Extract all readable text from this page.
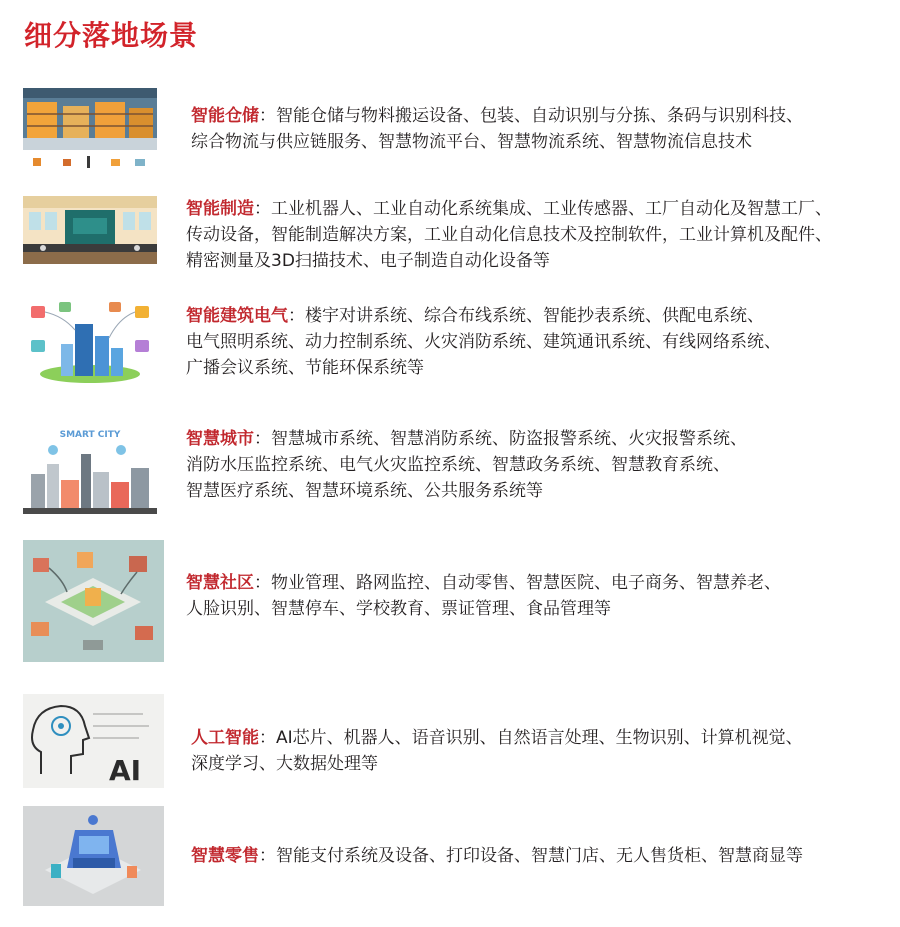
细分落地场景
SMART CITY
AI
智能仓储：智能仓储与物料搬运设备、包装、自动识别与分拣、条码与识别科技、
综合物流与供应链服务、智慧物流平台、智慧物流系统、智慧物流信息技术
智能制造：工业机器人、工业自动化系统集成、工业传感器、工厂自动化及智慧工厂、
传动设备，智能制造解决方案，工业自动化信息技术及控制软件，工业计算机及配件、
精密测量及3D扫描技术、电子制造自动化设备等
智能建筑电气：楼宇对讲系统、综合布线系统、智能抄表系统、供配电系统、
电气照明系统、动力控制系统、火灾消防系统、建筑通讯系统、有线网络系统、
广播会议系统、节能环保系统等
智慧城市：智慧城市系统、智慧消防系统、防盗报警系统、火灾报警系统、
消防水压监控系统、电气火灾监控系统、智慧政务系统、智慧教育系统、
智慧医疗系统、智慧环境系统、公共服务系统等
智慧社区：物业管理、路网监控、自动零售、智慧医院、电子商务、智慧养老、
人脸识别、智慧停车、学校教育、票证管理、食品管理等
人工智能：AI芯片、机器人、语音识别、自然语言处理、生物识别、计算机视觉、
深度学习、大数据处理等
智慧零售：智能支付系统及设备、打印设备、智慧门店、无人售货柜、智慧商显等
